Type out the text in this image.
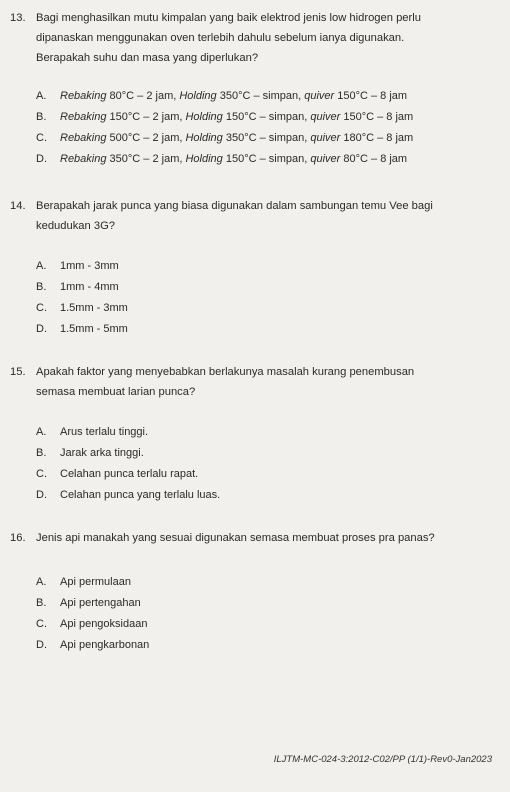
13. Bagi menghasilkan mutu kimpalan yang baik elektrod jenis low hidrogen perlu
dipanaskan menggunakan oven terlebih dahulu sebelum ianya digunakan.
Berapakah suhu dan masa yang diperlukan?
A. Rebaking 80°C – 2 jam, Holding 350°C – simpan, quiver 150°C – 8 jam
B. Rebaking 150°C – 2 jam, Holding 150°C – simpan, quiver 150°C – 8 jam
C. Rebaking 500°C – 2 jam, Holding 350°C – simpan, quiver 180°C – 8 jam
D. Rebaking 350°C – 2 jam, Holding 150°C – simpan, quiver 80°C – 8 jam
14. Berapakah jarak punca yang biasa digunakan dalam sambungan temu Vee bagi
kedudukan 3G?
A. 1mm - 3mm
B. 1mm - 4mm
C. 1.5mm - 3mm
D. 1.5mm - 5mm
15. Apakah faktor yang menyebabkan berlakunya masalah kurang penembusan
semasa membuat larian punca?
A. Arus terlalu tinggi.
B. Jarak arka tinggi.
C. Celahan punca terlalu rapat.
D. Celahan punca yang terlalu luas.
16. Jenis api manakah yang sesuai digunakan semasa membuat proses pra panas?
A. Api permulaan
B. Api pertengahan
C. Api pengoksidaan
D. Api pengkarbonan
ILJTM-MC-024-3:2012-C02/PP (1/1)-Rev0-Jan2023
